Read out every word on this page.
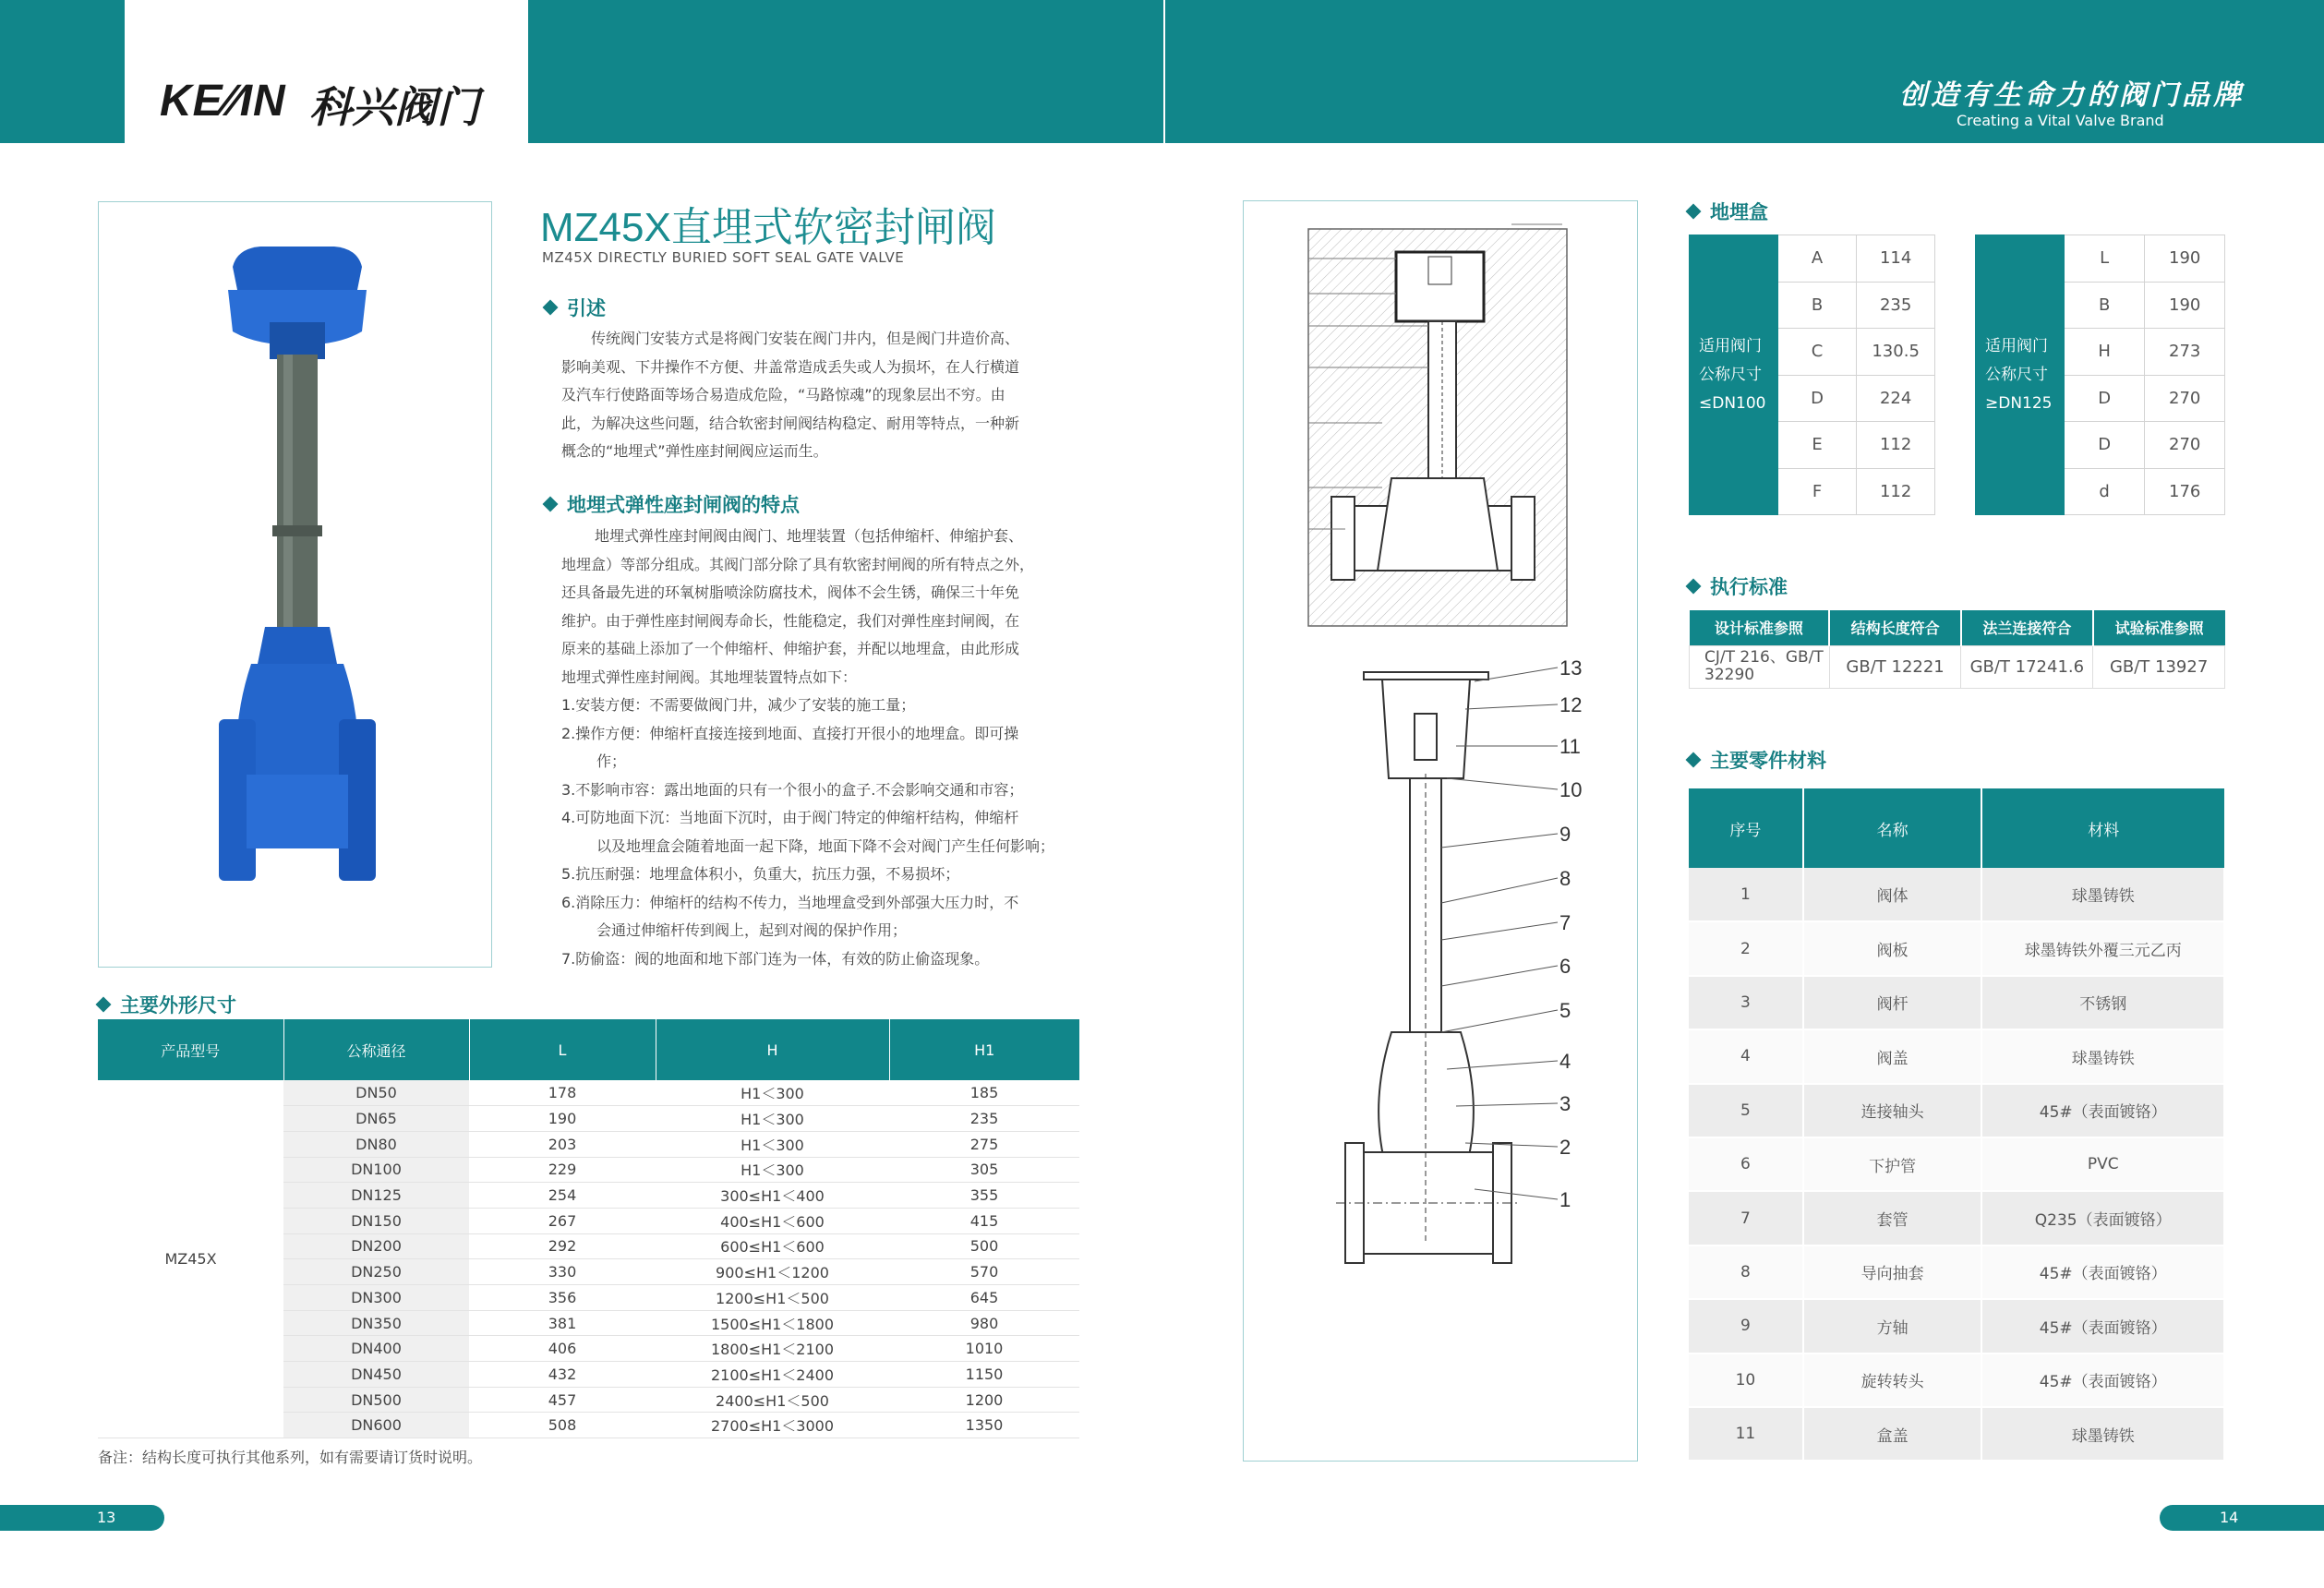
KE⁄⁄IN 科兴阀门	创造有生命力的阀门品牌
Creating a Vital Valve Brand
MZ45X直埋式软密封闸阀
MZ45X DIRECTLY BURIED SOFT SEAL GATE VALVE
引述

传统阀门安装方式是将阀门安装在阀门井内，但是阀门井造价高、

影响美观、下井操作不方便、井盖常造成丢失或人为损坏，在人行横道

及汽车行使路面等场合易造成危险，“马路惊魂”的现象层出不穷。由

此，为解决这些问题，结合软密封闸阀结构稳定、耐用等特点，一种新

概念的“地埋式”弹性座封闸阀应运而生。

地埋式弹性座封闸阀的特点

地埋式弹性座封闸阀由阀门、地埋装置（包括伸缩杆、伸缩护套、

地埋盒）等部分组成。其阀门部分除了具有软密封闸阀的所有特点之外，

还具备最先进的环氧树脂喷涂防腐技术，阀体不会生锈，确保三十年免

维护。由于弹性座封闸阀寿命长，性能稳定，我们对弹性座封闸阀，在

原来的基础上添加了一个伸缩杆、伸缩护套，并配以地埋盒，由此形成

地埋式弹性座封闸阀。其地埋装置特点如下：

1.安装方便：不需要做阀门井，减少了安装的施工量；

2.操作方便：伸缩杆直接连接到地面、直接打开很小的地埋盒。即可操

作；

3.不影响市容：露出地面的只有一个很小的盒子.不会影响交通和市容；

4.可防地面下沉：当地面下沉时，由于阀门特定的伸缩杆结构，伸缩杆

以及地埋盒会随着地面一起下降，地面下降不会对阀门产生任何影响；

5.抗压耐强：地埋盒体积小，负重大，抗压力强，不易损坏；

6.消除压力：伸缩杆的结构不传力，当地埋盒受到外部强大压力时，不

会通过伸缩杆传到阀上，起到对阀的保护作用；

7.防偷盗：阀的地面和地下部门连为一体，有效的防止偷盗现象。

主要外形尺寸
产品型号	公称通径	L	H	H1
MZ45X	DN50	178	H1＜300	185
	DN65	190	H1＜300	235
	DN80	203	H1＜300	275
	DN100	229	H1＜300	305
	DN125	254	300≤H1＜400	355
	DN150	267	400≤H1＜600	415
	DN200	292	600≤H1＜600	500
	DN250	330	900≤H1＜1200	570
	DN300	356	1200≤H1＜500	645
	DN350	381	1500≤H1＜1800	980
	DN400	406	1800≤H1＜2100	1010
	DN450	432	2100≤H1＜2400	1150
	DN500	457	2400≤H1＜500	1200
	DN600	508	2700≤H1＜3000	1350
备注：结构长度可执行其他系列，如有需要请订货时说明。
13	14
13
12
11
10
9
8
7
6
5
4
3
2
1
地埋盒
适用阀门
公称尺寸
≤DN100	A	114
	B	235
	C	130.5
	D	224
	E	112
	F	112
适用阀门
公称尺寸
≥DN125	L	190
	B	190
	H	273
	D	270
	D	270
	d	176
执行标准
设计标准参照	结构长度符合	法兰连接符合	试验标准参照
CJ/T 216、GB/T 32290	GB/T 12221	GB/T 17241.6	GB/T 13927
主要零件材料
序号	名称	材料
1	阀体	球墨铸铁
2	阀板	球墨铸铁外覆三元乙丙
3	阀杆	不锈钢
4	阀盖	球墨铸铁
5	连接轴头	45#（表面镀铬）
6	下护管	PVC
7	套管	Q235（表面镀铬）
8	导向抽套	45#（表面镀铬）
9	方轴	45#（表面镀铬）
10	旋转转头	45#（表面镀铬）
11	盒盖	球墨铸铁
